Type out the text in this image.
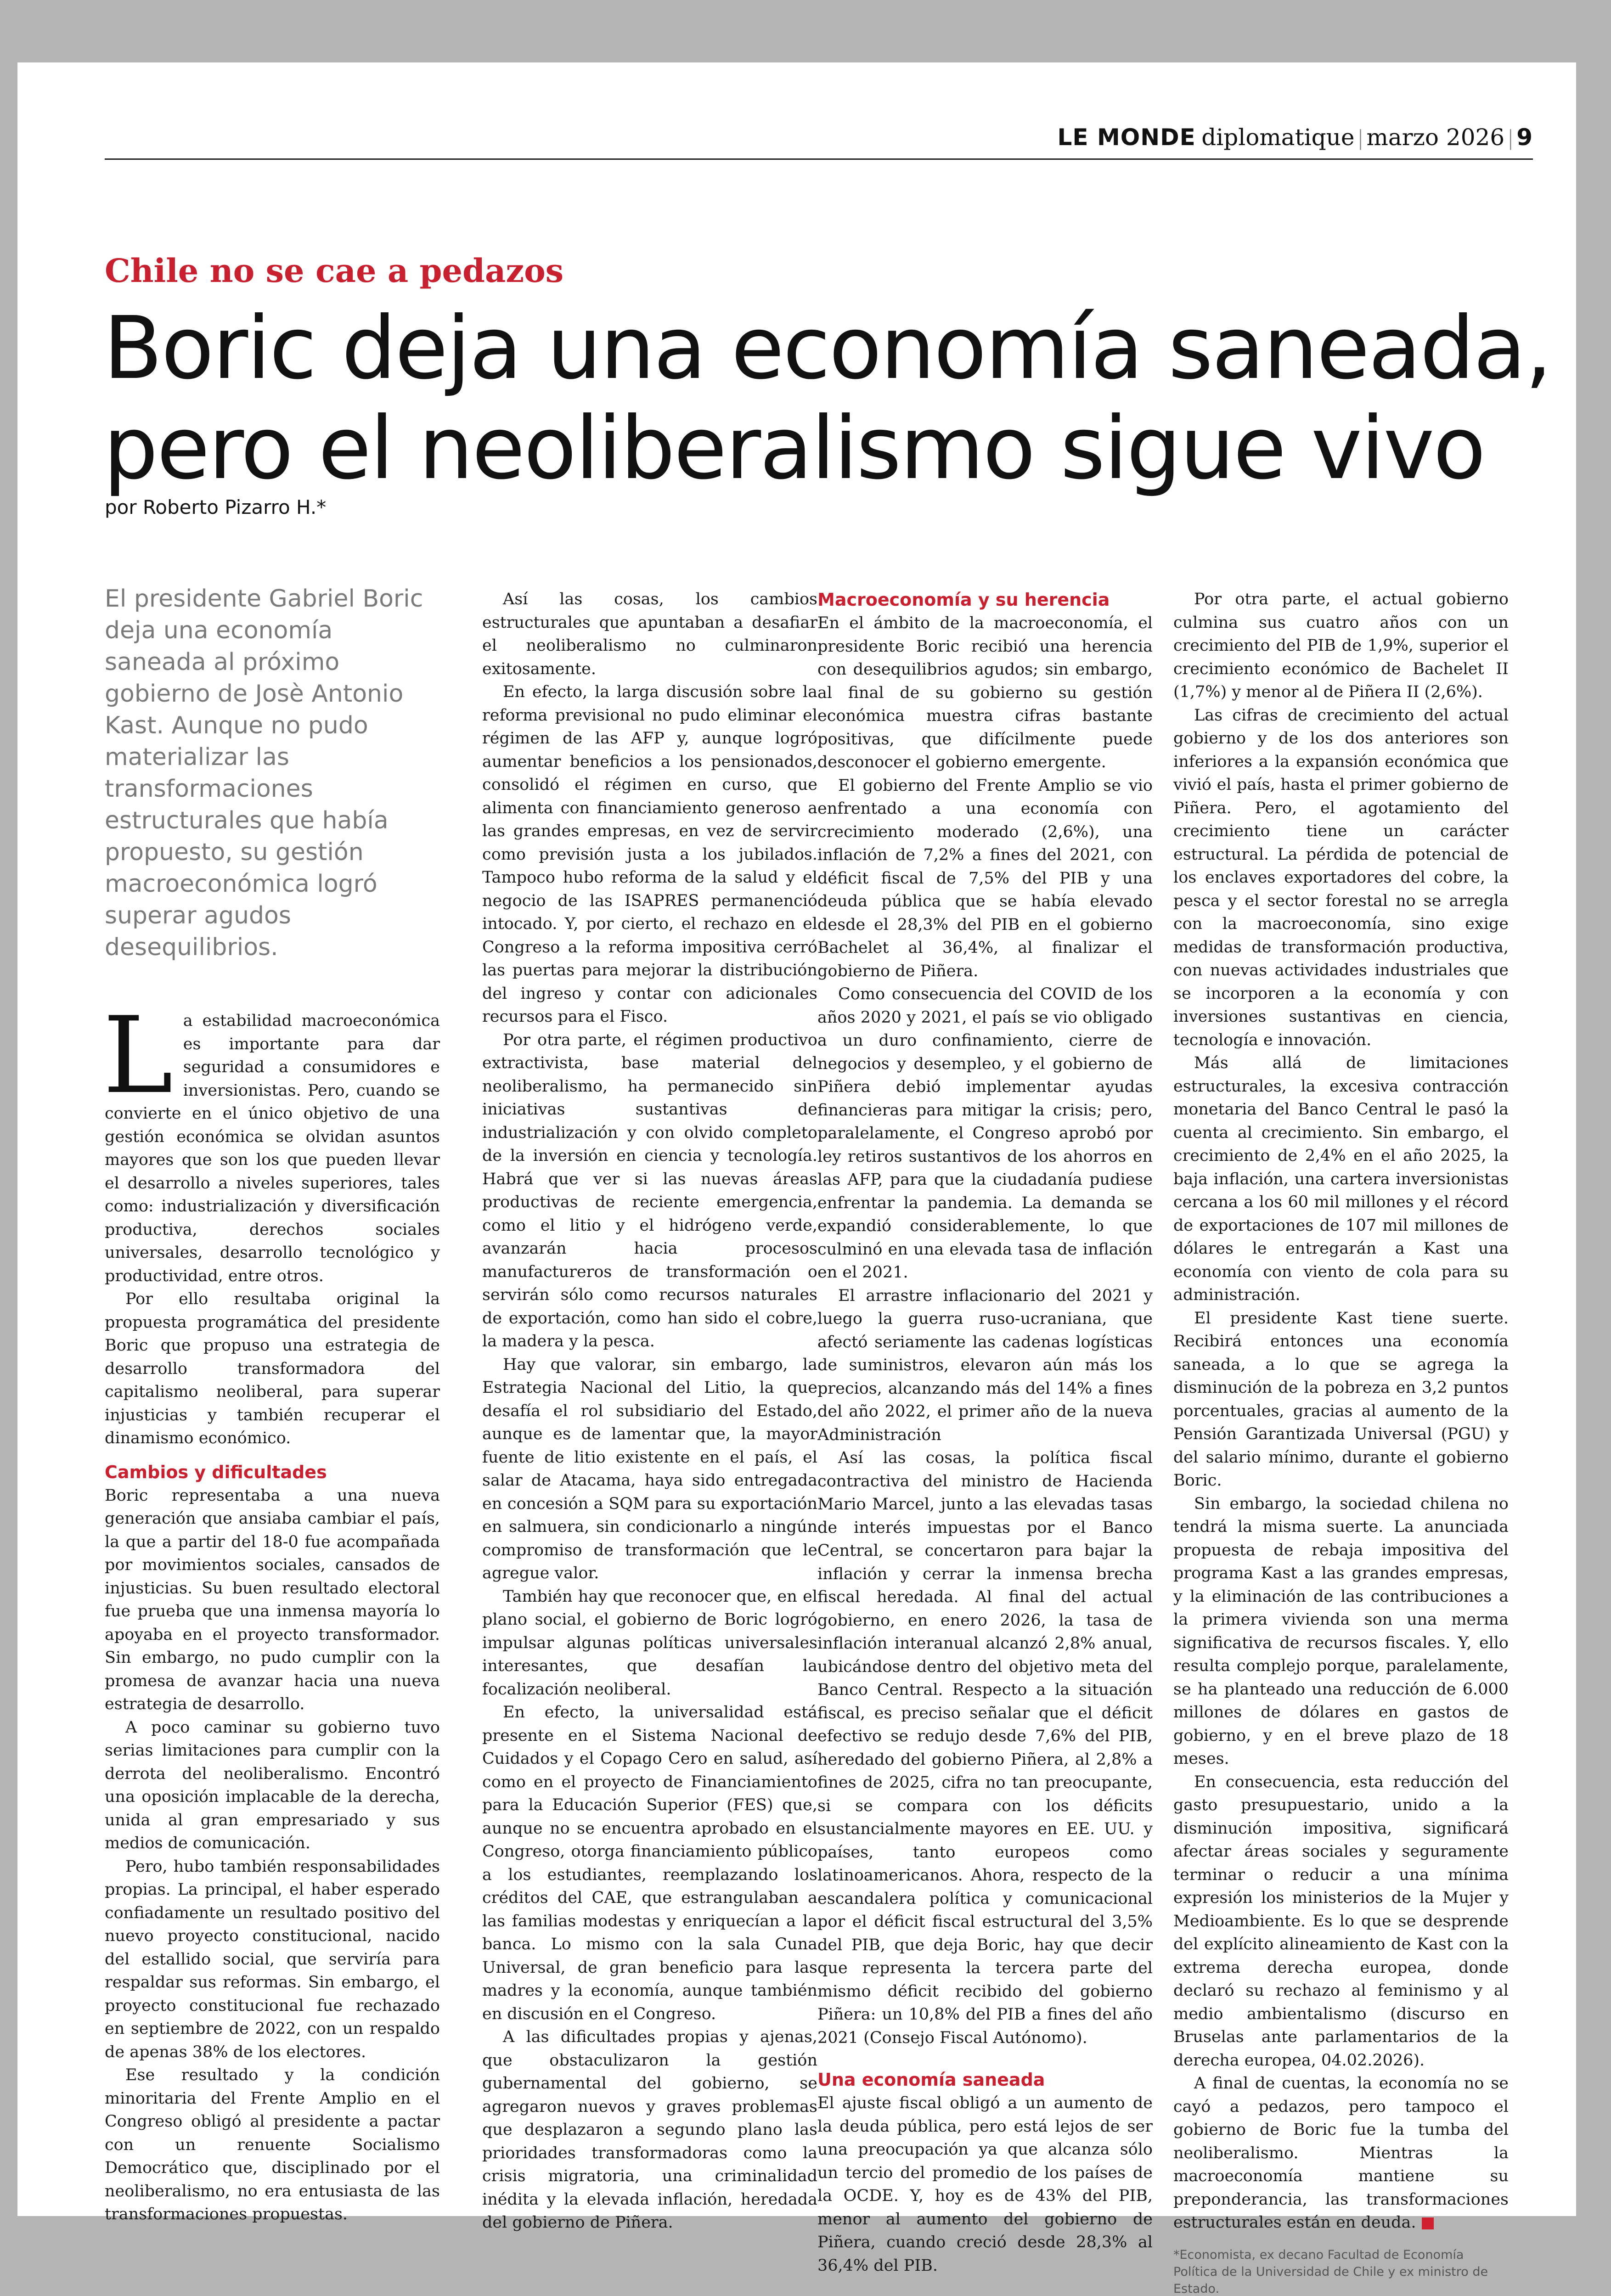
LE MONDE diplomatique | marzo 2026 | 9
Chile no se cae a pedazos
Boric deja una economía saneada,
pero el neoliberalismo sigue vivo
por Roberto Pizarro H.*
El presidente Gabriel Boric deja una economía saneada al próximo gobierno de Josè Antonio Kast. Aunque no pudo materializar las transformaciones estructurales que había propuesto, su gestión macroeconómica logró superar agudos desequilibrios.

La estabilidad macroeconómica es importante para dar seguridad a consumidores e inversionistas. Pero, cuando se convierte en el único objetivo de una gestión económica se olvidan asuntos mayores que son los que pueden llevar el desarrollo a niveles superiores, tales como: industrialización y diversificación productiva, derechos sociales universales, desarrollo tecnológico y productividad, entre otros.

Por ello resultaba original la propuesta programática del presidente Boric que propuso una estrategia de desarrollo transformadora del capitalismo neoliberal, para superar injusticias y también recuperar el dinamismo económico.

Cambios y dificultades

Boric representaba a una nueva generación que ansiaba cambiar el país, la que a partir del 18-0 fue acompañada por movimientos sociales, cansados de injusticias. Su buen resultado electoral fue prueba que una inmensa mayoría lo apoyaba en el proyecto transformador. Sin embargo, no pudo cumplir con la promesa de avanzar hacia una nueva estrategia de desarrollo.

A poco caminar su gobierno tuvo serias limitaciones para cumplir con la derrota del neoliberalismo. Encontró una oposición implacable de la derecha, unida al gran empresariado y sus medios de comunicación.

Pero, hubo también responsabilidades propias. La principal, el haber esperado confiadamente un resultado positivo del nuevo proyecto constitucional, nacido del estallido social, que serviría para respaldar sus reformas. Sin embargo, el proyecto constitucional fue rechazado en septiembre de 2022, con un respaldo de apenas 38% de los electores.

Ese resultado y la condición minoritaria del Frente Amplio en el Congreso obligó al presidente a pactar con un renuente Socialismo Democrático que, disciplinado por el neoliberalismo, no era entusiasta de las transformaciones propuestas.

Así las cosas, los cambios estructurales que apuntaban a desafiar el neoliberalismo no culminaron exitosamente.

En efecto, la larga discusión sobre la reforma previsional no pudo eliminar el régimen de las AFP y, aunque logró aumentar beneficios a los pensionados, consolidó el régimen en curso, que alimenta con financiamiento generoso a las grandes empresas, en vez de servir como previsión justa a los jubilados. Tampoco hubo reforma de la salud y el negocio de las ISAPRES permanenció intocado. Y, por cierto, el rechazo en el Congreso a la reforma impositiva cerró las puertas para mejorar la distribución del ingreso y contar con adicionales recursos para el Fisco.

Por otra parte, el régimen productivo extractivista, base material del neoliberalismo, ha permanecido sin iniciativas sustantivas de industrialización y con olvido completo de la inversión en ciencia y tecnología. Habrá que ver si las nuevas áreas productivas de reciente emergencia, como el litio y el hidrógeno verde, avanzarán hacia procesos manufactureros de transformación o servirán sólo como recursos naturales de exportación, como han sido el cobre, la madera y la pesca.

Hay que valorar, sin embargo, la Estrategia Nacional del Litio, la que desafía el rol subsidiario del Estado, aunque es de lamentar que, la mayor fuente de litio existente en el país, el salar de Atacama, haya sido entregada en concesión a SQM para su exportación en salmuera, sin condicionarlo a ningún compromiso de transformación que le agregue valor.

También hay que reconocer que, en el plano social, el gobierno de Boric logró impulsar algunas políticas universales interesantes, que desafían la focalización neoliberal.

En efecto, la universalidad está presente en el Sistema Nacional de Cuidados y el Copago Cero en salud, así como en el proyecto de Financiamiento para la Educación Superior (FES) que, aunque no se encuentra aprobado en el Congreso, otorga financiamiento público a los estudiantes, reemplazando los créditos del CAE, que estrangulaban a las familias modestas y enriquecían a la banca. Lo mismo con la sala Cuna Universal, de gran beneficio para las madres y la economía, aunque también en discusión en el Congreso.

A las dificultades propias y ajenas, que obstaculizaron la gestión gubernamental del gobierno, se agregaron nuevos y graves problemas que desplazaron a segundo plano las prioridades transformadoras como la crisis migratoria, una criminalidad inédita y la elevada inflación, heredada del gobierno de Piñera.

Macroeconomía y su herencia

En el ámbito de la macroeconomía, el presidente Boric recibió una herencia con desequilibrios agudos; sin embargo, al final de su gobierno su gestión económica muestra cifras bastante positivas, que difícilmente puede desconocer el gobierno emergente.

El gobierno del Frente Amplio se vio enfrentado a una economía con crecimiento moderado (2,6%), una inflación de 7,2% a fines del 2021, con déficit fiscal de 7,5% del PIB y una deuda pública que se había elevado desde el 28,3% del PIB en el gobierno Bachelet al 36,4%, al finalizar el gobierno de Piñera.

Como consecuencia del COVID de los años 2020 y 2021, el país se vio obligado a un duro confinamiento, cierre de negocios y desempleo, y el gobierno de Piñera debió implementar ayudas financieras para mitigar la crisis; pero, paralelamente, el Congreso aprobó por ley retiros sustantivos de los ahorros en las AFP, para que la ciudadanía pudiese enfrentar la pandemia. La demanda se expandió considerablemente, lo que culminó en una elevada tasa de inflación en el 2021.

El arrastre inflacionario del 2021 y luego la guerra ruso-ucraniana, que afectó seriamente las cadenas logísticas de suministros, elevaron aún más los precios, alcanzando más del 14% a fines del año 2022, el primer año de la nueva Administración

Así las cosas, la política fiscal contractiva del ministro de Hacienda Mario Marcel, junto a las elevadas tasas de interés impuestas por el Banco Central, se concertaron para bajar la inflación y cerrar la inmensa brecha fiscal heredada. Al final del actual gobierno, en enero 2026, la tasa de inflación interanual alcanzó 2,8% anual, ubicándose dentro del objetivo meta del Banco Central. Respecto a la situación fiscal, es preciso señalar que el déficit efectivo se redujo desde 7,6% del PIB, heredado del gobierno Piñera, al 2,8% a fines de 2025, cifra no tan preocupante, si se compara con los déficits sustancialmente mayores en EE. UU. y países, tanto europeos como latinoamericanos. Ahora, respecto de la escandalera política y comunicacional por el déficit fiscal estructural del 3,5% del PIB, que deja Boric, hay que decir que representa la tercera parte del mismo déficit recibido del gobierno Piñera: un 10,8% del PIB a fines del año 2021 (Consejo Fiscal Autónomo).

Una economía saneada

El ajuste fiscal obligó a un aumento de la deuda pública, pero está lejos de ser una preocupación ya que alcanza sólo un tercio del promedio de los países de la OCDE. Y, hoy es de 43% del PIB, menor al aumento del gobierno de Piñera, cuando creció desde 28,3% al 36,4% del PIB.

Por otra parte, el actual gobierno culmina sus cuatro años con un crecimiento del PIB de 1,9%, superior el crecimiento económico de Bachelet II (1,7%) y menor al de Piñera II (2,6%).

Las cifras de crecimiento del actual gobierno y de los dos anteriores son inferiores a la expansión económica que vivió el país, hasta el primer gobierno de Piñera. Pero, el agotamiento del crecimiento tiene un carácter estructural. La pérdida de potencial de los enclaves exportadores del cobre, la pesca y el sector forestal no se arregla con la macroeconomía, sino exige medidas de transformación productiva, con nuevas actividades industriales que se incorporen a la economía y con inversiones sustantivas en ciencia, tecnología e innovación.

Más allá de limitaciones estructurales, la excesiva contracción monetaria del Banco Central le pasó la cuenta al crecimiento. Sin embargo, el crecimiento de 2,4% en el año 2025, la baja inflación, una cartera inversionistas cercana a los 60 mil millones y el récord de exportaciones de 107 mil millones de dólares le entregarán a Kast una economía con viento de cola para su administración.

El presidente Kast tiene suerte. Recibirá entonces una economía saneada, a lo que se agrega la disminución de la pobreza en 3,2 puntos porcentuales, gracias al aumento de la Pensión Garantizada Universal (PGU) y del salario mínimo, durante el gobierno Boric.

Sin embargo, la sociedad chilena no tendrá la misma suerte. La anunciada propuesta de rebaja impositiva del programa Kast a las grandes empresas, y la eliminación de las contribuciones a la primera vivienda son una merma significativa de recursos fiscales. Y, ello resulta complejo porque, paralelamente, se ha planteado una reducción de 6.000 millones de dólares en gastos de gobierno, y en el breve plazo de 18 meses.

En consecuencia, esta reducción del gasto presupuestario, unido a la disminución impositiva, significará afectar áreas sociales y seguramente terminar o reducir a una mínima expresión los ministerios de la Mujer y Medioambiente. Es lo que se desprende del explícito alineamiento de Kast con la extrema derecha europea, donde declaró su rechazo al feminismo y al medio ambientalismo (discurso en Bruselas ante parlamentarios de la derecha europea, 04.02.2026).

A final de cuentas, la economía no se cayó a pedazos, pero tampoco el gobierno de Boric fue la tumba del neoliberalismo. Mientras la macroeconomía mantiene su preponderancia, las transformaciones estructurales están en deuda.

*Economista, ex decano Facultad de Economía Política de la Universidad de Chile y ex ministro de Estado.
